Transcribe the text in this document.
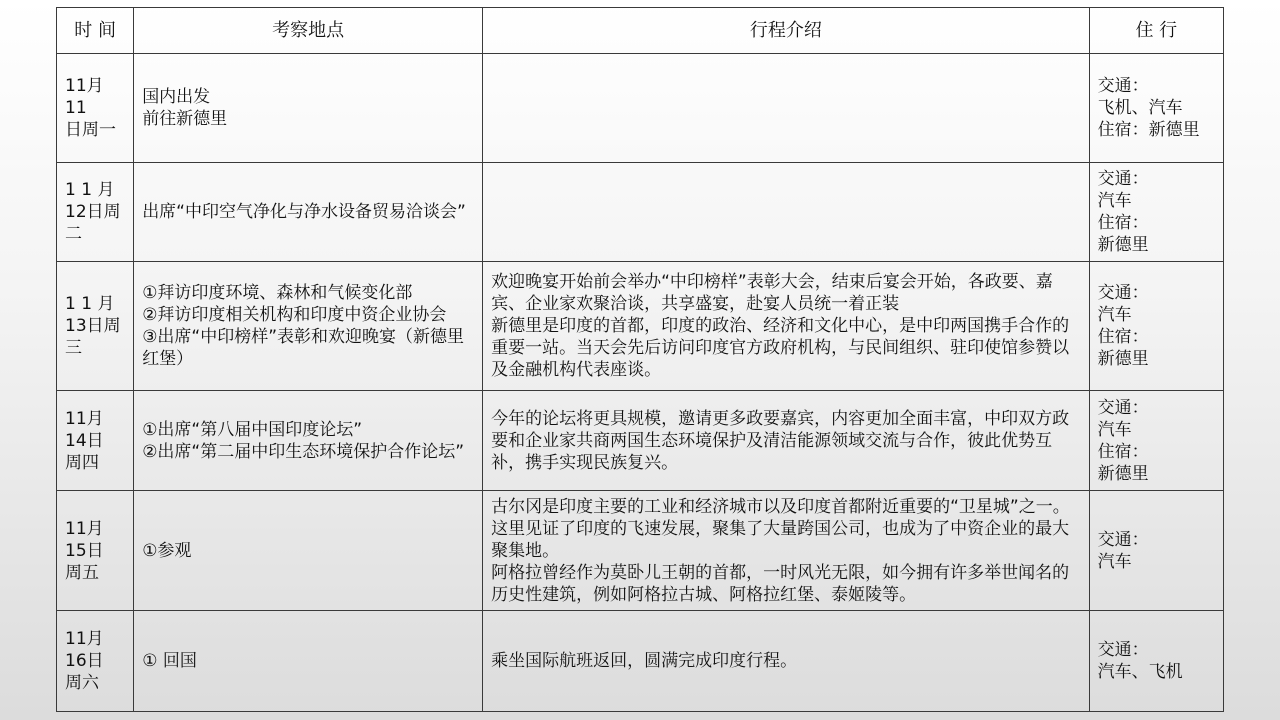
时 间	考察地点	行程介绍	住 行
11月11
日周一	国内出发
前往新德里		交通：
飞机、汽车
住宿：新德里
1 1 月
12日周
二	出席“中印空气净化与净水设备贸易洽谈会”		交通：
汽车
住宿：
新德里
1 1 月
13日周
三	①拜访印度环境、森林和气候变化部
②拜访印度相关机构和印度中资企业协会
③出席“中印榜样”表彰和欢迎晚宴（新德里红堡）	欢迎晚宴开始前会举办“中印榜样”表彰大会，结束后宴会开始，各政要、嘉宾、企业家欢聚洽谈，共享盛宴，赴宴人员统一着正装
新德里是印度的首都，印度的政治、经济和文化中心，是中印两国携手合作的重要一站。当天会先后访问印度官方政府机构，与民间组织、驻印使馆参赞以及金融机构代表座谈。	交通：
汽车
住宿：
新德里
11月
14日
周四	①出席“第八届中国印度论坛”
②出席“第二届中印生态环境保护合作论坛”	今年的论坛将更具规模，邀请更多政要嘉宾，内容更加全面丰富，中印双方政要和企业家共商两国生态环境保护及清洁能源领域交流与合作，彼此优势互补，携手实现民族复兴。	交通：
汽车
住宿：
新德里
11月
15日
周五	①参观	古尔冈是印度主要的工业和经济城市以及印度首都附近重要的“卫星城”之一。这里见证了印度的飞速发展，聚集了大量跨国公司，也成为了中资企业的最大聚集地。
阿格拉曾经作为莫卧儿王朝的首都，一时风光无限，如今拥有许多举世闻名的历史性建筑，例如阿格拉古城、阿格拉红堡、泰姬陵等。	交通：
汽车
11月
16日
周六	① 回国	乘坐国际航班返回，圆满完成印度行程。	交通：
汽车、飞机
